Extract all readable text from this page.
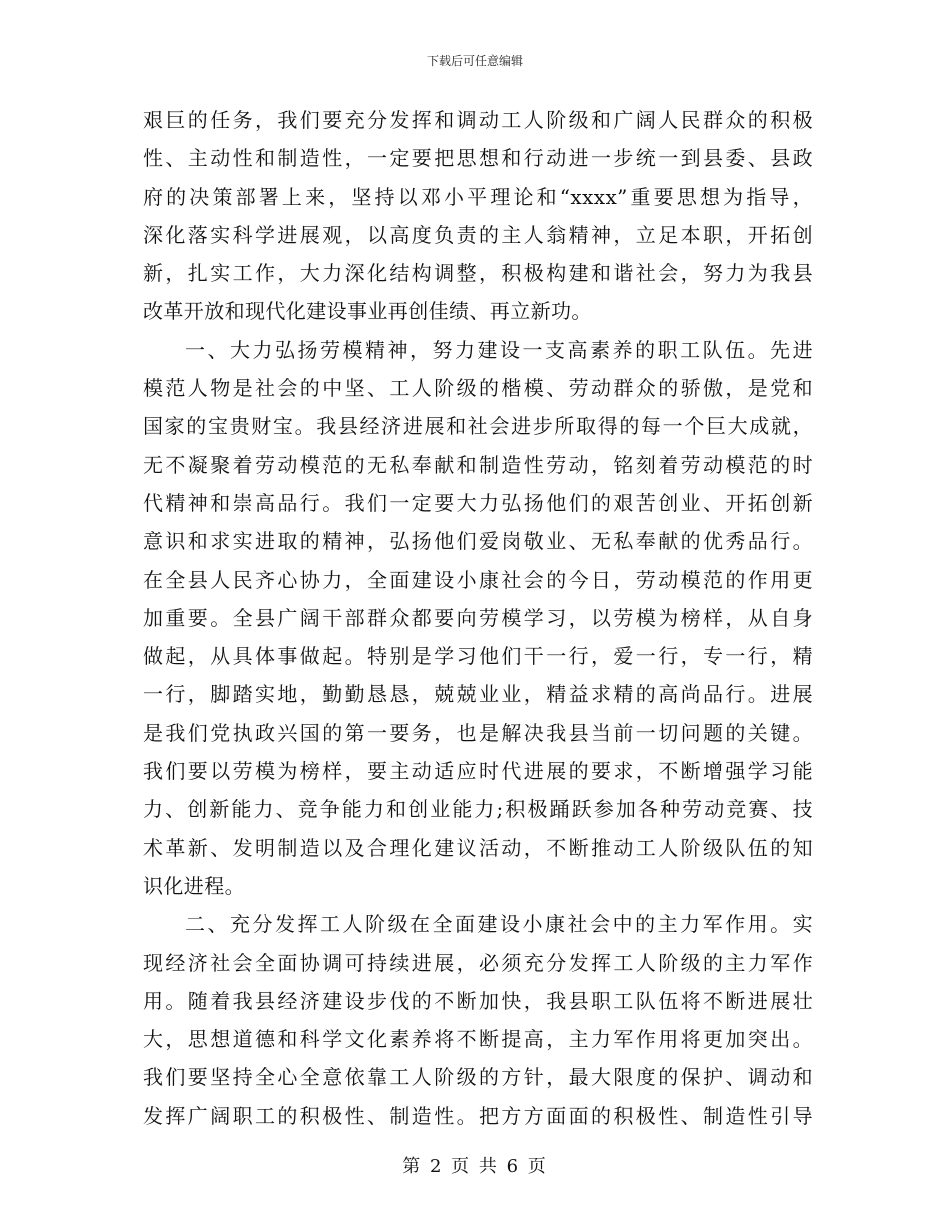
下载后可任意编辑
艰巨的任务，我们要充分发挥和调动工人阶级和广阔人民群众的积极
性、主动性和制造性，一定要把思想和行动进一步统一到县委、县政
府的决策部署上来，坚持以邓小平理论和“xxxx”重要思想为指导，
深化落实科学进展观，以高度负责的主人翁精神，立足本职，开拓创
新，扎实工作，大力深化结构调整，积极构建和谐社会，努力为我县
改革开放和现代化建设事业再创佳绩、再立新功。
一、大力弘扬劳模精神，努力建设一支高素养的职工队伍。先进
模范人物是社会的中坚、工人阶级的楷模、劳动群众的骄傲，是党和
国家的宝贵财宝。我县经济进展和社会进步所取得的每一个巨大成就，
无不凝聚着劳动模范的无私奉献和制造性劳动，铭刻着劳动模范的时
代精神和崇高品行。我们一定要大力弘扬他们的艰苦创业、开拓创新
意识和求实进取的精神，弘扬他们爱岗敬业、无私奉献的优秀品行。
在全县人民齐心协力，全面建设小康社会的今日，劳动模范的作用更
加重要。全县广阔干部群众都要向劳模学习，以劳模为榜样，从自身
做起，从具体事做起。特别是学习他们干一行，爱一行，专一行，精
一行，脚踏实地，勤勤恳恳，兢兢业业，精益求精的高尚品行。进展
是我们党执政兴国的第一要务，也是解决我县当前一切问题的关键。
我们要以劳模为榜样，要主动适应时代进展的要求，不断增强学习能
力、创新能力、竞争能力和创业能力;积极踊跃参加各种劳动竞赛、技
术革新、发明制造以及合理化建议活动，不断推动工人阶级队伍的知
识化进程。
二、充分发挥工人阶级在全面建设小康社会中的主力军作用。实
现经济社会全面协调可持续进展，必须充分发挥工人阶级的主力军作
用。随着我县经济建设步伐的不断加快，我县职工队伍将不断进展壮
大，思想道德和科学文化素养将不断提高，主力军作用将更加突出。
我们要坚持全心全意依靠工人阶级的方针，最大限度的保护、调动和
发挥广阔职工的积极性、制造性。把方方面面的积极性、制造性引导
第 2 页 共 6 页
